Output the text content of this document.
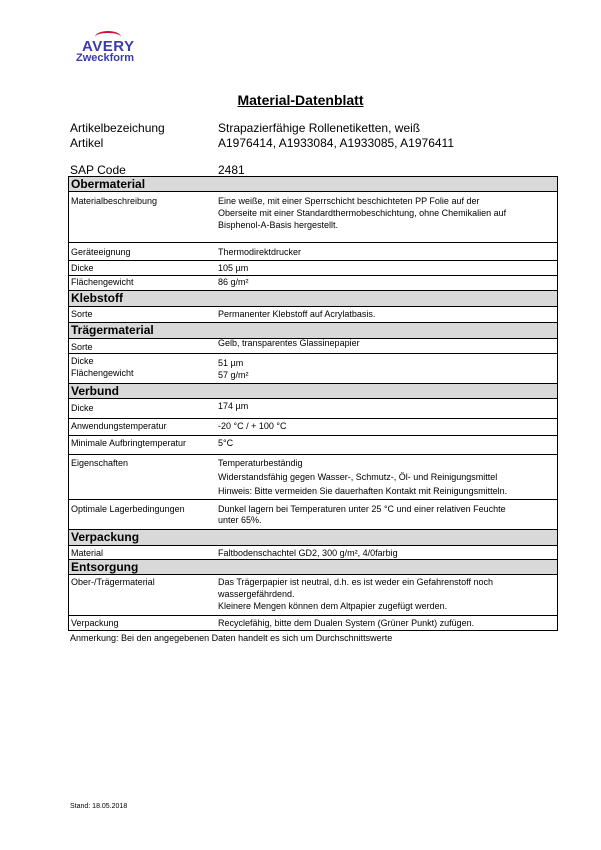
AVERY
Zweckform
Material-Datenblatt
Artikelbezeichung	Strapazierfähige Rollenetiketten, weiß
Artikel	A1976414, A1933084, A1933085, A1976411
SAP Code	2481
Obermaterial
Materialbeschreibung	Eine weiße, mit einer Sperrschicht beschichteten PP Folie auf der
Oberseite mit einer Standardthermobeschichtung, ohne Chemikalien auf
Bisphenol-A-Basis hergestellt.
Geräteeignung	Thermodirektdrucker
Dicke	105 µm
Flächengewicht	86 g/m²
Klebstoff
Sorte	Permanenter Klebstoff auf Acrylatbasis.
Trägermaterial
Sorte	Gelb, transparentes Glassinepapier
Dicke	51 µm
Flächengewicht	57 g/m²
Verbund
Dicke	174 µm
Anwendungstemperatur	-20 °C / + 100 °C
Minimale Aufbringtemperatur	5°C
Eigenschaften	Temperaturbeständig
Widerstandsfähig gegen Wasser-, Schmutz-, Öl- und Reinigungsmittel
Hinweis: Bitte vermeiden Sie dauerhaften Kontakt mit Reinigungsmitteln.
Optimale Lagerbedingungen	Dunkel lagern bei Temperaturen unter 25 °C und einer relativen Feuchte
unter 65%.
Verpackung
Material	Faltbodenschachtel GD2, 300 g/m², 4/0farbig
Entsorgung
Ober-/Trägermaterial	Das Trägerpapier ist neutral, d.h. es ist weder ein Gefahrenstoff noch
wassergefährdend.
Kleinere Mengen können dem Altpapier zugefügt werden.
Verpackung	Recyclefähig, bitte dem Dualen System (Grüner Punkt) zufügen.
Anmerkung: Bei den angegebenen Daten handelt es sich um Durchschnittswerte
Stand: 18.05.2018
